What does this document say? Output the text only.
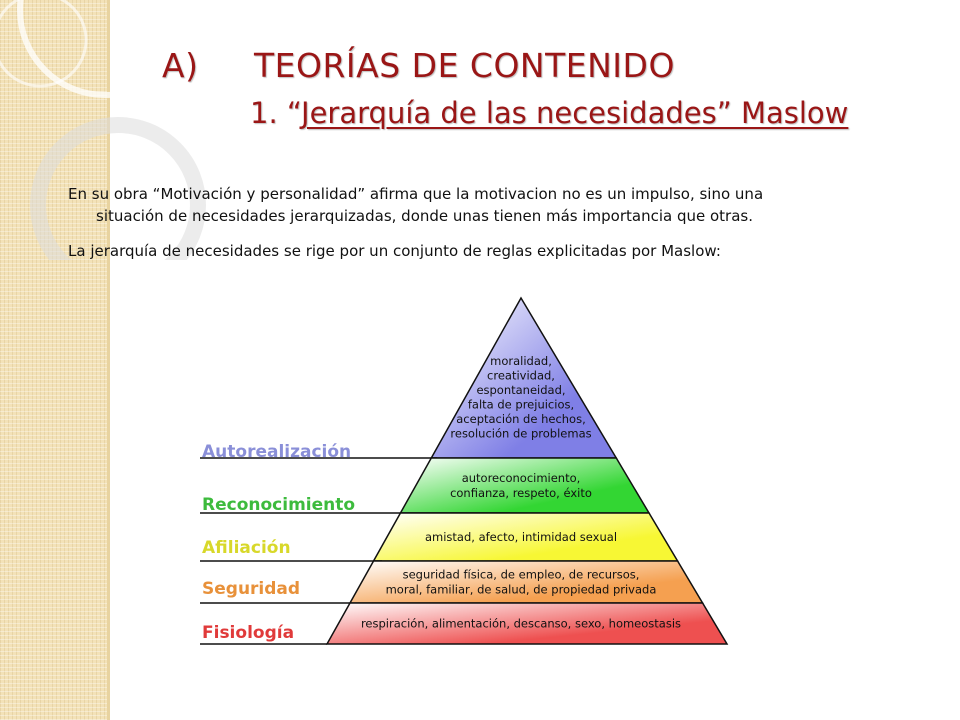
A) TEORÍAS DE CONTENIDO
1. “Jerarquía de las necesidades” Maslow
En su obra “Motivación y personalidad” afirma que la motivacion no es un impulso, sino una
situación de necesidades jerarquizadas, donde unas tienen más importancia que otras.
La jerarquía de necesidades se rige por un conjunto de reglas explicitadas por Maslow:
moralidad,
creatividad,
espontaneidad,
falta de prejuicios,
aceptación de hechos,
resolución de problemas
Autorealización
autoreconocimiento,
confianza, respeto, éxito
Reconocimiento
amistad, afecto, intimidad sexual
Afiliación
seguridad física, de empleo, de recursos,
moral, familiar, de salud, de propiedad privada
Seguridad
respiración, alimentación, descanso, sexo, homeostasis
Fisiología
